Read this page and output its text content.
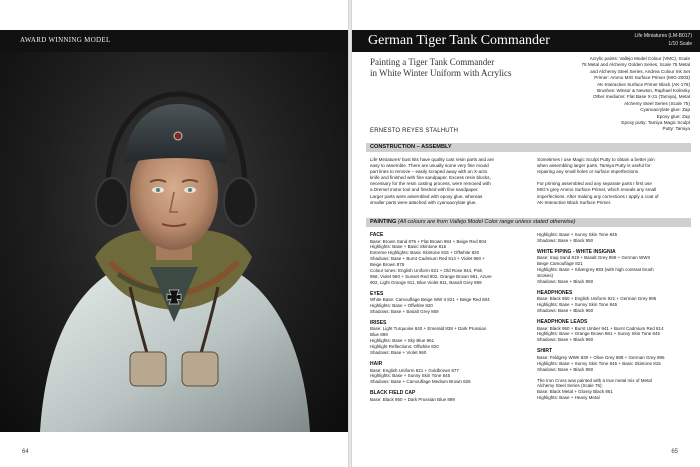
AWARD WINNING MODEL
64
German Tiger Tank Commander	Life Miniatures (LM-B017)
1/10 Scale
Painting a Tiger Tank Commander
in White Winter Uniform with Acrylics
Acrylic paints: Vallejo Model Colour (VMC), Scale
75 Metal and Alchemy Golden Series, Scale 75 Metal
and Alchemy Steel Series, Andrea Colour Ink Set
Primer: Ammo MIG Surface Primer (MIG-2003)
AK-Interactive Surface Primer Black (AK-178)
Brushes: Winsor & Newton, Raphael Kolinsky
Other mediums: Flat Base X-21 (Tamiya), Metal
Alchemy Steel Series (Scale 75)
Cyanoacrylate glue: Zap
Epoxy glue: Zap
Epoxy putty: Tamiya Magic Sculpt
Putty: Tamiya
ERNESTO REYES STALHUTH
CONSTRUCTION – ASSEMBLY
Life Miniatures’ bust kits have quality cast resin parts and are
easy to assemble. There are usually some very fine mould
part lines to remove – easily scraped away with an X-acto
knife and finished with fine sandpaper. Excess resin blocks,
necessary for the resin casting process, were removed with
a Dremel motor tool and finished with fine sandpaper.
Larger parts were assembled with epoxy glue, whereas
smaller parts were attached with cyanoacrylate glue.
Sometimes I use Magic Sculpt Putty to obtain a better join
when assembling larger parts. Tamiya Putty is useful for
repairing any small holes or surface imperfections.

For priming assembled and any separate parts I first use
MIG’s grey Ammo Surface Primer, which reveals any small
imperfections. After making any corrections I apply a coat of
AK-Interactive Black Surface Primer.
PAINTING (All colours are from Vallejo Model Color range unless stated otherwise)
FACE
Base: Brown Sand 876 + Flat Brown 984 + Beige Red 804
Highlights: Base + Basic Skintone 815
Extreme Highlights: Basic Skintone 815 + Offwhite 820
Shadows: Base + Burnt Cadmium Red 814 + Violet 960 +
Beige Brown 875
Colour tones: English Uniform 921 + Old Rose 944, Pink
958, Violet 960 + Sunset Red 802, Orange Brown 981, Azure
902, Light Orange 911, Blue Violet 811, Basalt Grey 869
EYES
White Base: Camouflage Beige WW II 821 + Beige Red 804
Highlights: Base + Offwhite 820
Shadows: Base + Basalt Grey 869
IRISES
Base: Light Turquoise 840 + Emerald 838 + Dark Prussian
Blue 899
Highlights: Base + Sky Blue 961
Highlight Reflections: Offwhite 820
Shadows: Base + Violet 960
HAIR
Base: English Uniform 921 + Goldbrown 877
Highlights: Base + Sunny Skin Tone 845
Shadows: Base + Camouflage Medium Brown 826
BLACK FIELD CAP
Base: Black 950 + Dark Prussian Blue 899
Highlights: Base + Sunny Skin Tone 845
Shadows: Base + Black 950
WHITE PIPING - WHITE INSIGNIA
Base: Iraqi Sand 819 + Basalt Grey 869 + German WWII
Beige Camouflage 821
Highlights: Base + Silvergrey 883 (with high contrast brush
strokes)
Shadows: Base + Black 950
HEADPHONES
Base: Black 950 + English Uniform 921 + German Grey 995
Highlights: Base + Sunny Skin Tone 845
Shadows: Base + Black 950
HEADPHONE LEADS
Base: Black 950 + Burnt Umber 941 + Burnt Cadmium Red 814
Highlights: Base + Orange Brown 981 + Sunny Skin Tone 845
Shadows: Base + Black 950
SHIRT
Base: Feldgrey WWII 830 + Olive Grey 888 + German Grey 995
Highlights: Base + Sunny Skin Tone 845 + Basic Skintone 815
Shadows: Base + Black 950
The Iron Cross was painted with a true metal mix of Metal
Alchemy Steel Series (Scale 75):
Base: Black Metal + Glossy Black 861
Highlights: Base + Heavy Metal
65
